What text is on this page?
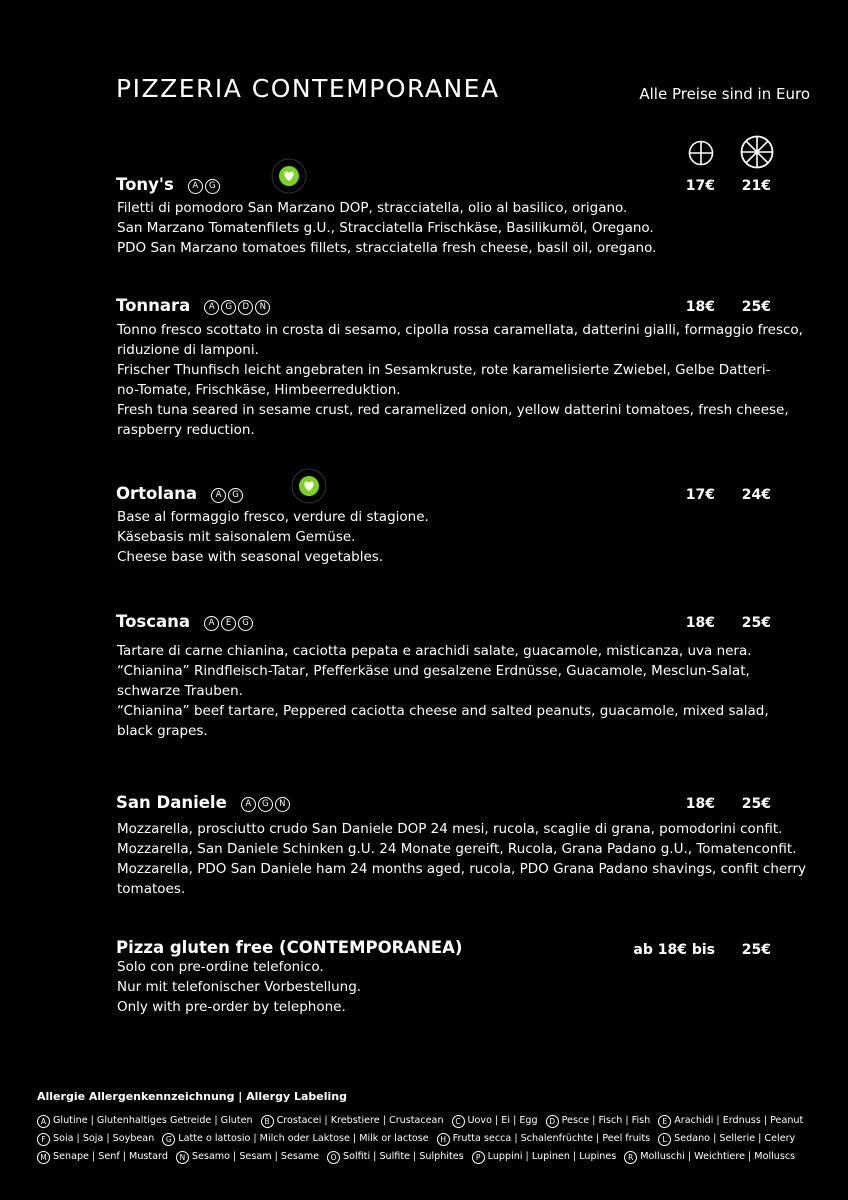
PIZZERIA CONTEMPORANEA	Alle Preise sind in Euro
Tony's	A	G
Filetti di pomodoro San Marzano DOP, stracciatella, olio al basilico, origano.
San Marzano Tomatenfilets g.U., Stracciatella Frischkäse, Basilikumöl, Oregano.
PDO San Marzano tomatoes fillets, stracciatella fresh cheese, basil oil, oregano.
17€ 21€
Tonnara	A	G	D	N
Tonno fresco scottato in crosta di sesamo, cipolla rossa caramellata, datterini gialli, formaggio fresco,
riduzione di lamponi.
Frischer Thunfisch leicht angebraten in Sesamkruste, rote karamelisierte Zwiebel, Gelbe Datteri-
no-Tomate, Frischkäse, Himbeerreduktion.
Fresh tuna seared in sesame crust, red caramelized onion, yellow datterini tomatoes, fresh cheese,
raspberry reduction.
18€ 25€
Ortolana	A	G
Base al formaggio fresco, verdure di stagione.
Käsebasis mit saisonalem Gemüse.
Cheese base with seasonal vegetables.
17€ 24€
Toscana	A	E	G
Tartare di carne chianina, caciotta pepata e arachidi salate, guacamole, misticanza, uva nera.
“Chianina” Rindfleisch-Tatar, Pfefferkäse und gesalzene Erdnüsse, Guacamole, Mesclun-Salat,
schwarze Trauben.
“Chianina” beef tartare, Peppered caciotta cheese and salted peanuts, guacamole, mixed salad,
black grapes.
18€ 25€
San Daniele	A	G	N
Mozzarella, prosciutto crudo San Daniele DOP 24 mesi, rucola, scaglie di grana, pomodorini confit.
Mozzarella, San Daniele Schinken g.U. 24 Monate gereift, Rucola, Grana Padano g.U., Tomatenconfit.
Mozzarella, PDO San Daniele ham 24 months aged, rucola, PDO Grana Padano shavings, confit cherry
tomatoes.
18€ 25€
Pizza gluten free (CONTEMPORANEA)
Solo con pre-ordine telefonico.
Nur mit telefonischer Vorbestellung.
Only with pre-order by telephone.
ab 18€ bis 25€
Allergie Allergenkennzeichnung | Allergy Labeling
A Glutine | Glutenhaltiges Getreide | Gluten B Crostacei | Krebstiere | Crustacean C Uovo | Ei | Egg D Pesce | Fisch | Fish E Arachidi | Erdnuss | Peanut
F Soia | Soja | Soybean G Latte o lattosio | Milch oder Laktose | Milk or lactose H Frutta secca | Schalenfrüchte | Peel fruits L Sedano | Sellerie | Celery
M Senape | Senf | Mustard N Sesamo | Sesam | Sesame O Solfiti | Sulfite | Sulphites P Luppini | Lupinen | Lupines R Molluschi | Weichtiere | Molluscs
